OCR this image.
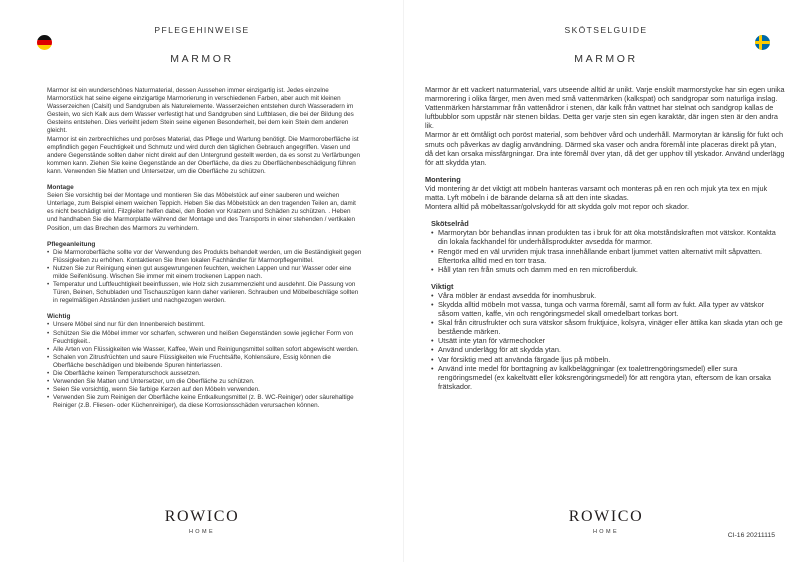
PFLEGEHINWEISE
MARMOR

Marmor ist ein wunderschönes Naturmaterial, dessen Aussehen immer einzigartig ist. Jedes einzelne Marmorstück hat seine eigene einzigartige Marmorierung in verschiedenen Farben, aber auch mit kleinen Wasserzeichen (Calsit) und Sandgruben als Naturelemente. Wasserzeichen entstehen durch Wasseradern im Gestein, wo sich Kalk aus dem Wasser verfestigt hat und Sandgruben sind Luftblasen, die bei der Bildung des Gesteins entstehen. Dies verleiht jedem Stein seine eigenen Besonderheit, bei dem kein Stein dem anderen gleicht.

Marmor ist ein zerbrechliches und poröses Material, das Pflege und Wartung benötigt. Die Marmoroberfläche ist empfindlich gegen Feuchtigkeit und Schmutz und wird durch den täglichen Gebrauch angegriffen. Vasen und andere Gegenstände sollten daher nicht direkt auf den Untergrund gestellt werden, da es sonst zu Verfärbungen kommen kann. Ziehen Sie keine Gegenstände an der Oberfläche, da dies zu Oberflächenbeschädigung führen kann. Verwenden Sie Matten und Untersetzer, um die Oberfläche zu schützen.

Montage

Seien Sie vorsichtig bei der Montage und montieren Sie das Möbelstück auf einer sauberen und weichen Unterlage, zum Beispiel einem weichen Teppich. Heben Sie das Möbelstück an den tragenden Teilen an, damit es nicht beschädigt wird. Filzgleiter helfen dabei, den Boden vor Kratzern und Schäden zu schützen. . Heben und handhaben Sie die Marmorplatte während der Montage und des Transports in einer stehenden / vertikalen Position, um das Brechen des Marmors zu verhindern.

Pflegeanleitung
• Die Marmoroberfläche sollte vor der Verwendung des Produkts behandelt werden, um die Beständigkeit gegen Flüssigkeiten zu erhöhen. Kontaktieren Sie Ihren lokalen Fachhändler für Marmorpflegemittel.
• Nutzen Sie zur Reinigung einen gut ausgewrungenen feuchten, weichen Lappen und nur Wasser oder eine milde Seifenlösung. Wischen Sie immer mit einem trockenen Lappen nach.
• Temperatur und Luftfeuchtigkeit beeinflussen, wie Holz sich zusammenzieht und ausdehnt. Die Passung von Türen, Beinen, Schubladen und Tischauszügen kann daher variieren. Schrauben und Möbelbeschläge sollten in regelmäßigen Abständen justiert und nachgezogen werden.
Wichtig
• Unsere Möbel sind nur für den Innenbereich bestimmt.
• Schützen Sie die Möbel immer vor scharfen, schweren und heißen Gegenständen sowie jeglicher Form von Feuchtigkeit..
• Alle Arten von Flüssigkeiten wie Wasser, Kaffee, Wein und Reinigungsmittel sollten sofort abgewischt werden.
• Schalen von Zitrusfrüchten und saure Flüssigkeiten wie Fruchtsäfte, Kohlensäure, Essig können die Oberfläche beschädigen und bleibende Spuren hinterlassen.
• Die Oberfläche keinen Temperaturschock aussetzen.
• Verwenden Sie Matten und Untersetzer, um die Oberfläche zu schützen.
• Seien Sie vorsichtig, wenn Sie farbige Kerzen auf den Möbeln verwenden.
• Verwenden Sie zum Reinigen der Oberfläche keine Entkalkungsmittel (z. B. WC-Reiniger) oder säurehaltige Reiniger (z.B. Fliesen- oder Küchenreiniger), da diese Korrosionsschäden verursachen können.
ROWICO
HOME
SKÖTSELGUIDE
MARMOR
ROWICO
HOME

Marmor är ett vackert naturmaterial, vars utseende alltid är unikt. Varje enskilt marmorstycke har sin egen unika marmorering i olika färger, men även med små vattenmärken (kalkspat) och sandgropar som naturliga inslag. Vattenmärken härstammar från vattenådror i stenen, där kalk från vattnet har stelnat och sandgrop kallas de luftbubblor som uppstår när stenen bildas. Detta ger varje sten sin egen karaktär, där ingen sten är den andra lik.

Marmor är ett ömtåligt och poröst material, som behöver vård och underhåll. Marmorytan är känslig för fukt och smuts och påverkas av daglig användning. Därmed ska vaser och andra föremål inte placeras direkt på ytan, då det kan orsaka missfärgningar. Dra inte föremål över ytan, då det ger upphov till ytskador. Använd underlägg för att skydda ytan.

Montering

Vid montering är det viktigt att möbeln hanteras varsamt och monteras på en ren och mjuk yta tex en mjuk matta. Lyft möbeln i de bärande delarna så att den inte skadas.

Montera alltid på möbeltassar/golvskydd för att skydda golv mot repor och skador.

Skötselråd
• Marmorytan bör behandlas innan produkten tas i bruk för att öka motståndskraften mot vätskor. Kontakta din lokala fackhandel för underhållsprodukter avsedda för marmor.
• Rengör med en väl urvriden mjuk trasa innehållande enbart ljummet vatten alternativt milt såpvatten. Eftertorka alltid med en torr trasa.
• Håll ytan ren från smuts och damm med en ren microfiberduk.
Viktigt
• Våra möbler är endast avsedda för inomhusbruk.
• Skydda alltid möbeln mot vassa, tunga och varma föremål, samt all form av fukt. Alla typer av vätskor såsom vatten, kaffe, vin och rengöringsmedel skall omedelbart torkas bort.
• Skal från citrusfrukter och sura vätskor såsom fruktjuice, kolsyra, vinäger eller ättika kan skada ytan och ge bestående märken.
• Utsätt inte ytan för värmechocker
• Använd underlägg för att skydda ytan.
• Var försiktig med att använda färgade ljus på möbeln.
• Använd inte medel för borttagning av kalkbeläggningar (ex toalettrengöringsmedel) eller sura rengöringsmedel (ex kakeltvätt eller köksrengöringsmedel) för att rengöra ytan, eftersom de kan orsaka frätskador.
CI-16 20211115
